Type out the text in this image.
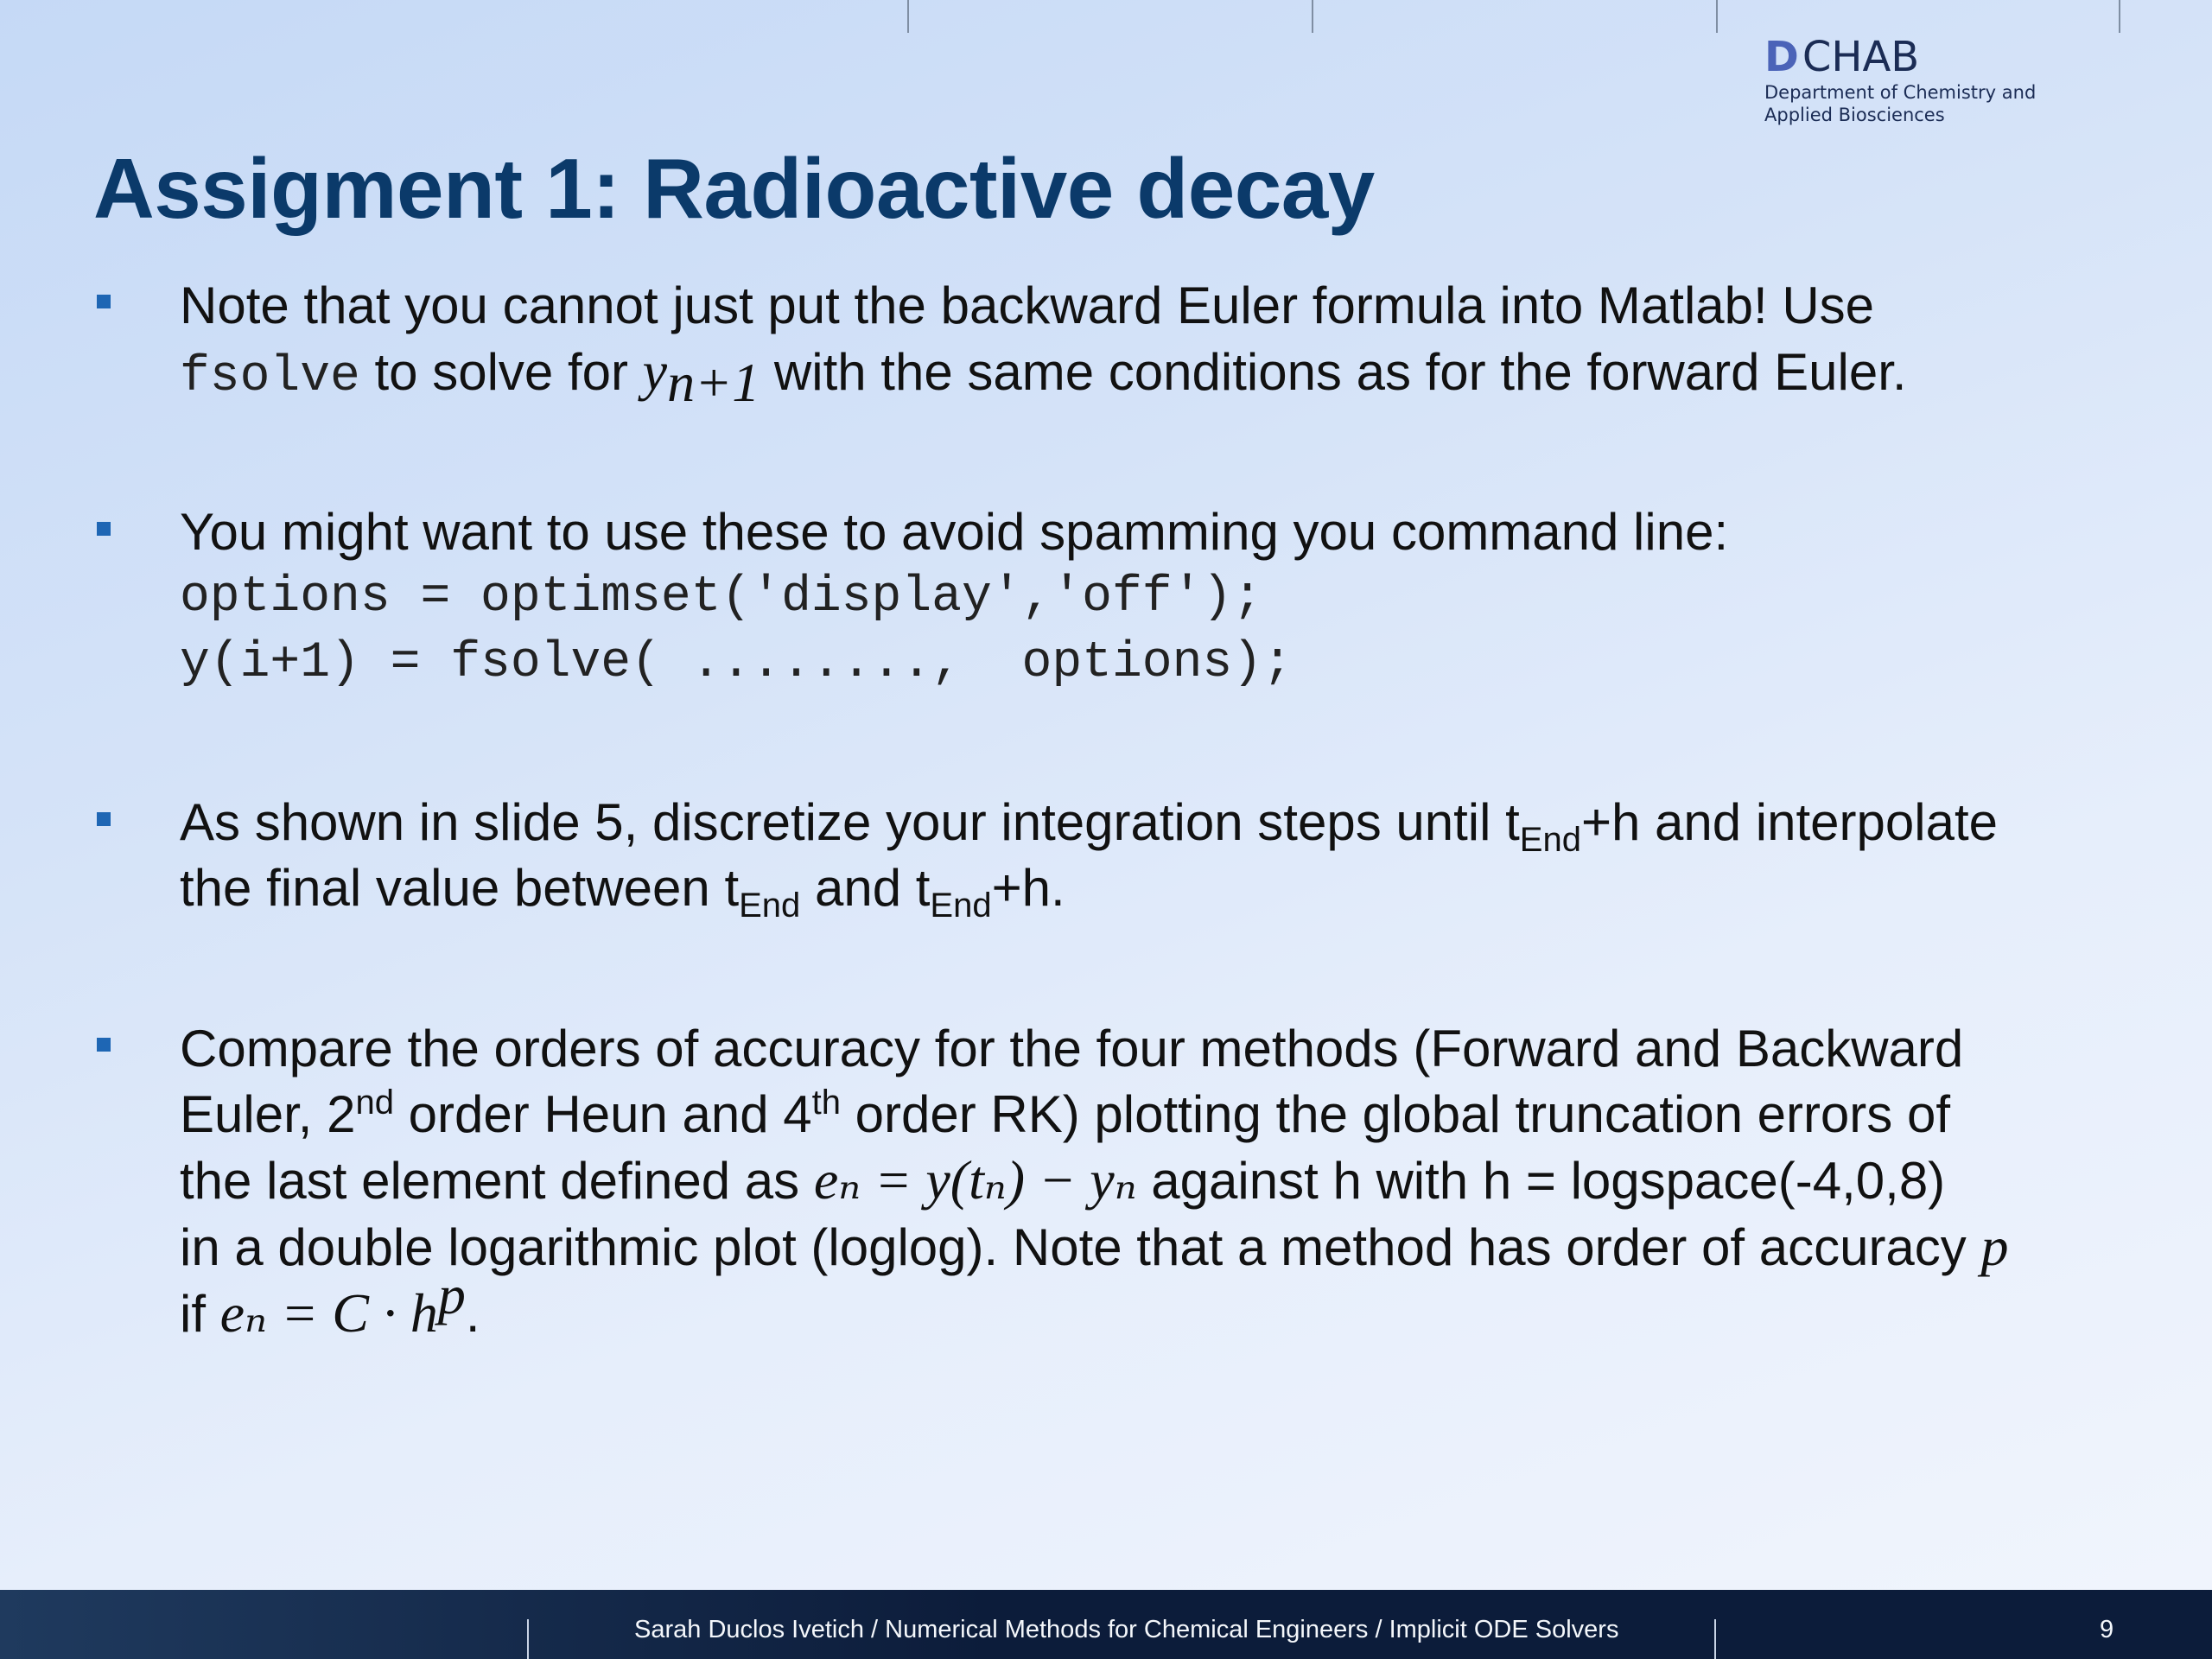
DCHAB
Department of Chemistry and
Applied Biosciences
Assigment 1: Radioactive decay
Note that you cannot just put the backward Euler formula into Matlab! Use
fsolve to solve for $y_{n+1}$ with the same conditions as for the forward Euler.
You might want to use these to avoid spamming you command line:
options = optimset('display','off');
y(i+1) = fsolve( ........,  options);
As shown in slide 5, discretize your integration steps until $t_{End}+h$ and interpolate
the final value between $t_{End}$ and $t_{End}+h$.
Compare the orders of accuracy for the four methods (Forward and Backward
Euler, 2nd order Heun and 4th order RK) plotting the global truncation errors of
the last element defined as eₙ = y(tₙ) − yₙ against h with h = logspace(-4,0,8)
in a double logarithmic plot (loglog). Note that a method has order of accuracy p
if $e_n = C \cdot h^p$.
Sarah Duclos Ivetich / Numerical Methods for Chemical Engineers / Implicit ODE Solvers	9
